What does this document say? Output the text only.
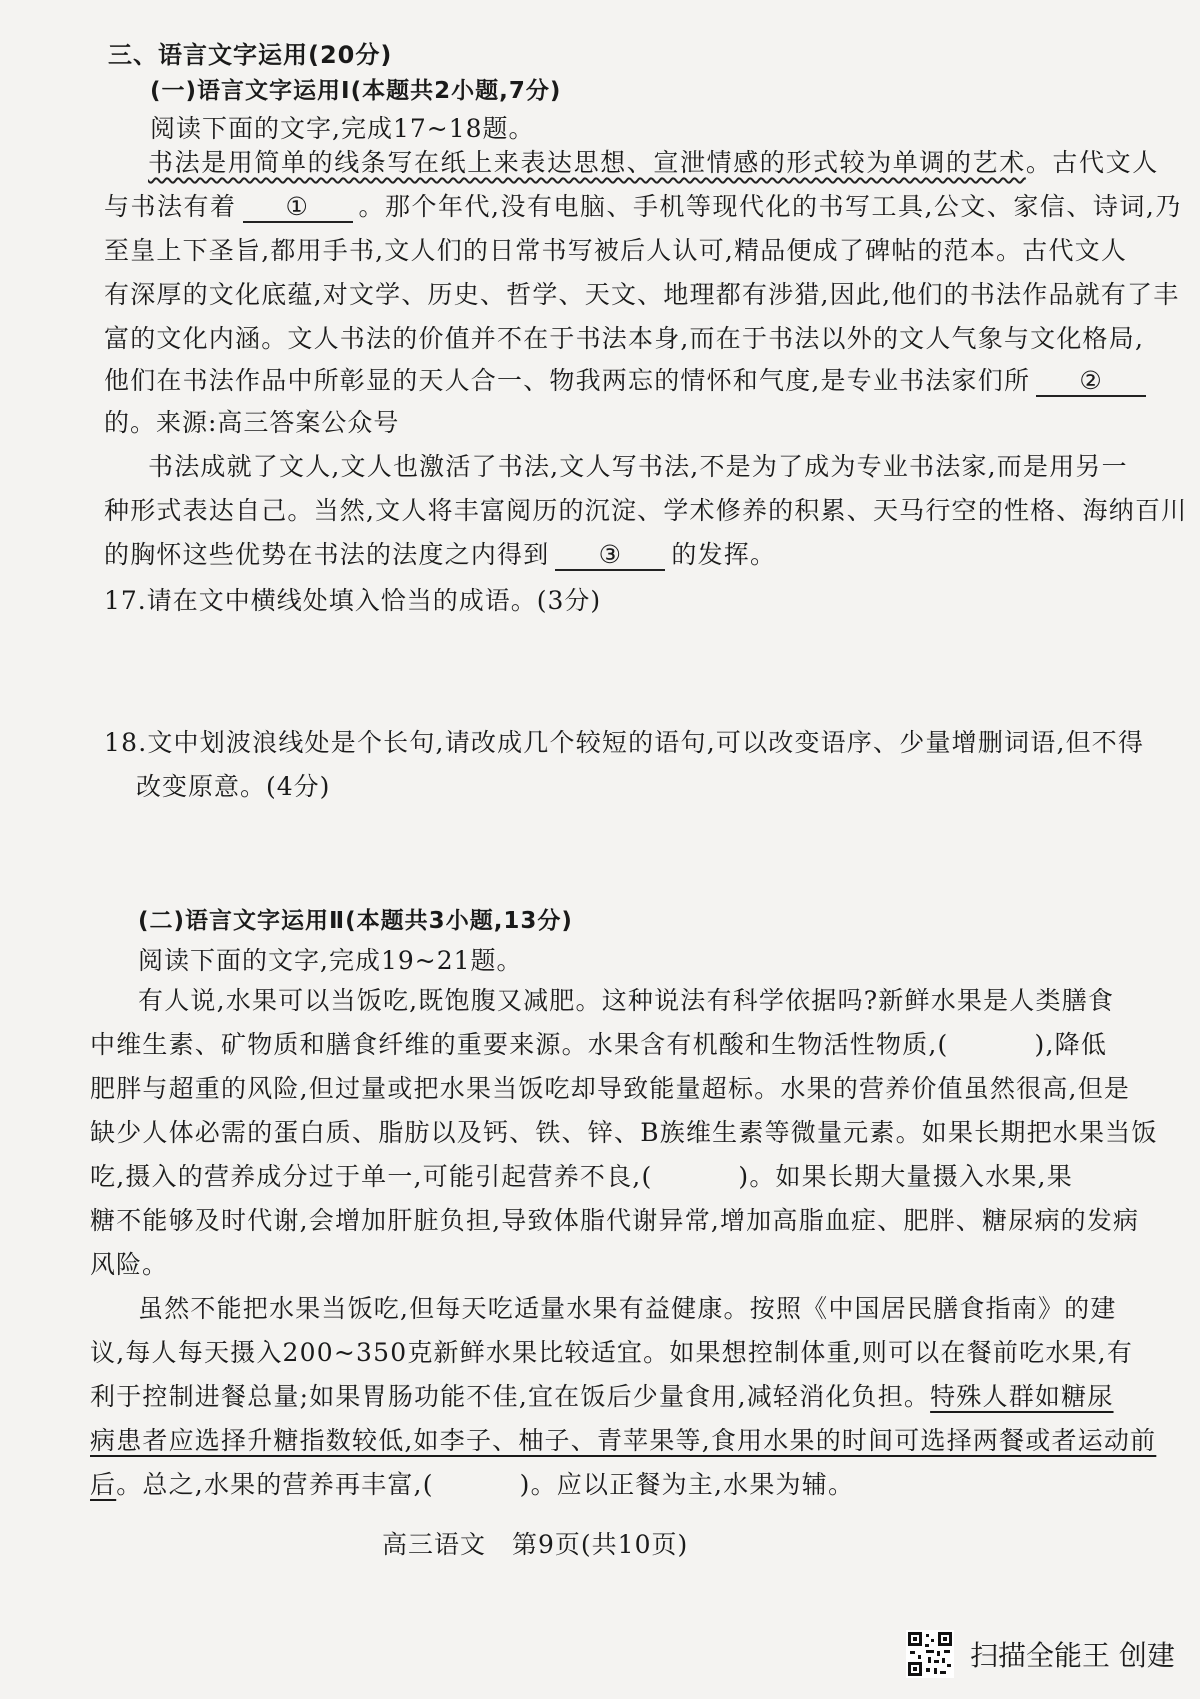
三、语言文字运用(20分)
(一)语言文字运用Ⅰ(本题共2小题,7分)
阅读下面的文字,完成17~18题。
书法是用简单的线条写在纸上来表达思想、宣泄情感的形式较为单调的艺术。古代文人
与书法有着 ① 。那个年代,没有电脑、手机等现代化的书写工具,公文、家信、诗词,乃
至皇上下圣旨,都用手书,文人们的日常书写被后人认可,精品便成了碑帖的范本。古代文人
有深厚的文化底蕴,对文学、历史、哲学、天文、地理都有涉猎,因此,他们的书法作品就有了丰
富的文化内涵。文人书法的价值并不在于书法本身,而在于书法以外的文人气象与文化格局,
他们在书法作品中所彰显的天人合一、物我两忘的情怀和气度,是专业书法家们所 ②
的。来源:高三答案公众号
书法成就了文人,文人也激活了书法,文人写书法,不是为了成为专业书法家,而是用另一
种形式表达自己。当然,文人将丰富阅历的沉淀、学术修养的积累、天马行空的性格、海纳百川
的胸怀这些优势在书法的法度之内得到 ③ 的发挥。
17.请在文中横线处填入恰当的成语。(3分)
18.文中划波浪线处是个长句,请改成几个较短的语句,可以改变语序、少量增删词语,但不得
改变原意。(4分)
(二)语言文字运用Ⅱ(本题共3小题,13分)
阅读下面的文字,完成19~21题。
有人说,水果可以当饭吃,既饱腹又减肥。这种说法有科学依据吗?新鲜水果是人类膳食
中维生素、矿物质和膳食纤维的重要来源。水果含有机酸和生物活性物质,(	),降低
肥胖与超重的风险,但过量或把水果当饭吃却导致能量超标。水果的营养价值虽然很高,但是
缺少人体必需的蛋白质、脂肪以及钙、铁、锌、B族维生素等微量元素。如果长期把水果当饭
吃,摄入的营养成分过于单一,可能引起营养不良,(	)。如果长期大量摄入水果,果
糖不能够及时代谢,会增加肝脏负担,导致体脂代谢异常,增加高脂血症、肥胖、糖尿病的发病
风险。
虽然不能把水果当饭吃,但每天吃适量水果有益健康。按照《中国居民膳食指南》的建
议,每人每天摄入200~350克新鲜水果比较适宜。如果想控制体重,则可以在餐前吃水果,有
利于控制进餐总量;如果胃肠功能不佳,宜在饭后少量食用,减轻消化负担。特殊人群如糖尿
病患者应选择升糖指数较低,如李子、柚子、青苹果等,食用水果的时间可选择两餐或者运动前
后。总之,水果的营养再丰富,(	)。应以正餐为主,水果为辅。
高三语文　第9页(共10页)
扫描全能王 创建
